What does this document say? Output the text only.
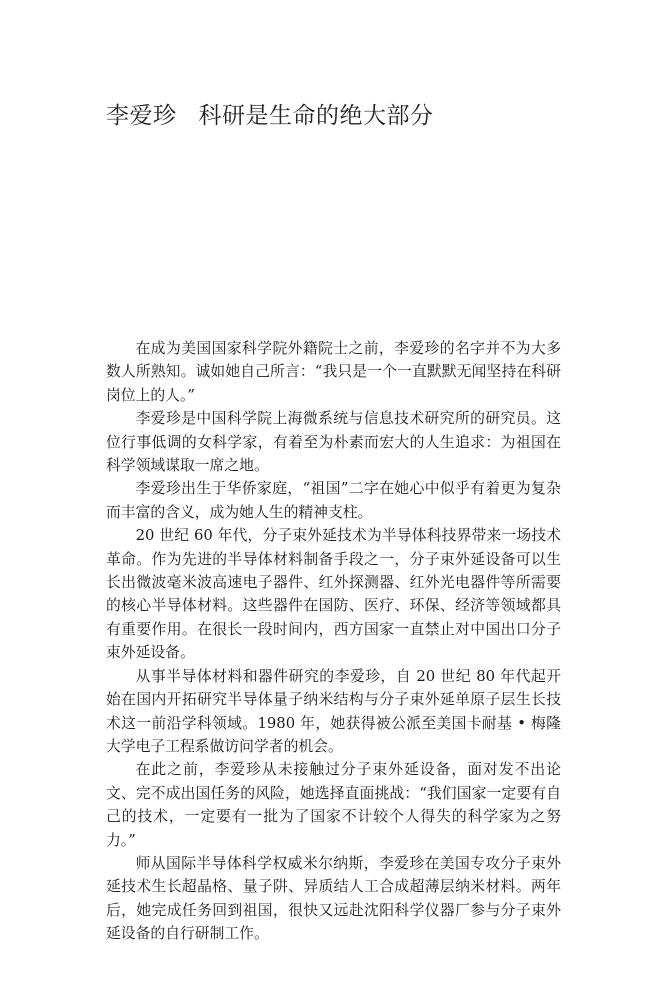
李爱珍 科研是生命的绝大部分

在成为美国国家科学院外籍院士之前，李爱珍的名字并不为大多数人所熟知。诚如她自己所言：“我只是一个一直默默无闻坚持在科研岗位上的人。”

李爱珍是中国科学院上海微系统与信息技术研究所的研究员。这位行事低调的女科学家，有着至为朴素而宏大的人生追求：为祖国在科学领域谋取一席之地。

李爱珍出生于华侨家庭，“祖国”二字在她心中似乎有着更为复杂而丰富的含义，成为她人生的精神支柱。

20 世纪 60 年代，分子束外延技术为半导体科技界带来一场技术革命。作为先进的半导体材料制备手段之一，分子束外延设备可以生长出微波毫米波高速电子器件、红外探测器、红外光电器件等所需要的核心半导体材料。这些器件在国防、医疗、环保、经济等领域都具有重要作用。在很长一段时间内，西方国家一直禁止对中国出口分子束外延设备。

从事半导体材料和器件研究的李爱珍，自 20 世纪 80 年代起开始在国内开拓研究半导体量子纳米结构与分子束外延单原子层生长技术这一前沿学科领域。1980 年，她获得被公派至美国卡耐基 • 梅隆大学电子工程系做访问学者的机会。

在此之前，李爱珍从未接触过分子束外延设备，面对发不出论文、完不成出国任务的风险，她选择直面挑战：“我们国家一定要有自己的技术，一定要有一批为了国家不计较个人得失的科学家为之努力。”

师从国际半导体科学权威米尔纳斯，李爱珍在美国专攻分子束外延技术生长超晶格、量子阱、异质结人工合成超薄层纳米材料。两年后，她完成任务回到祖国，很快又远赴沈阳科学仪器厂参与分子束外延设备的自行研制工作。
